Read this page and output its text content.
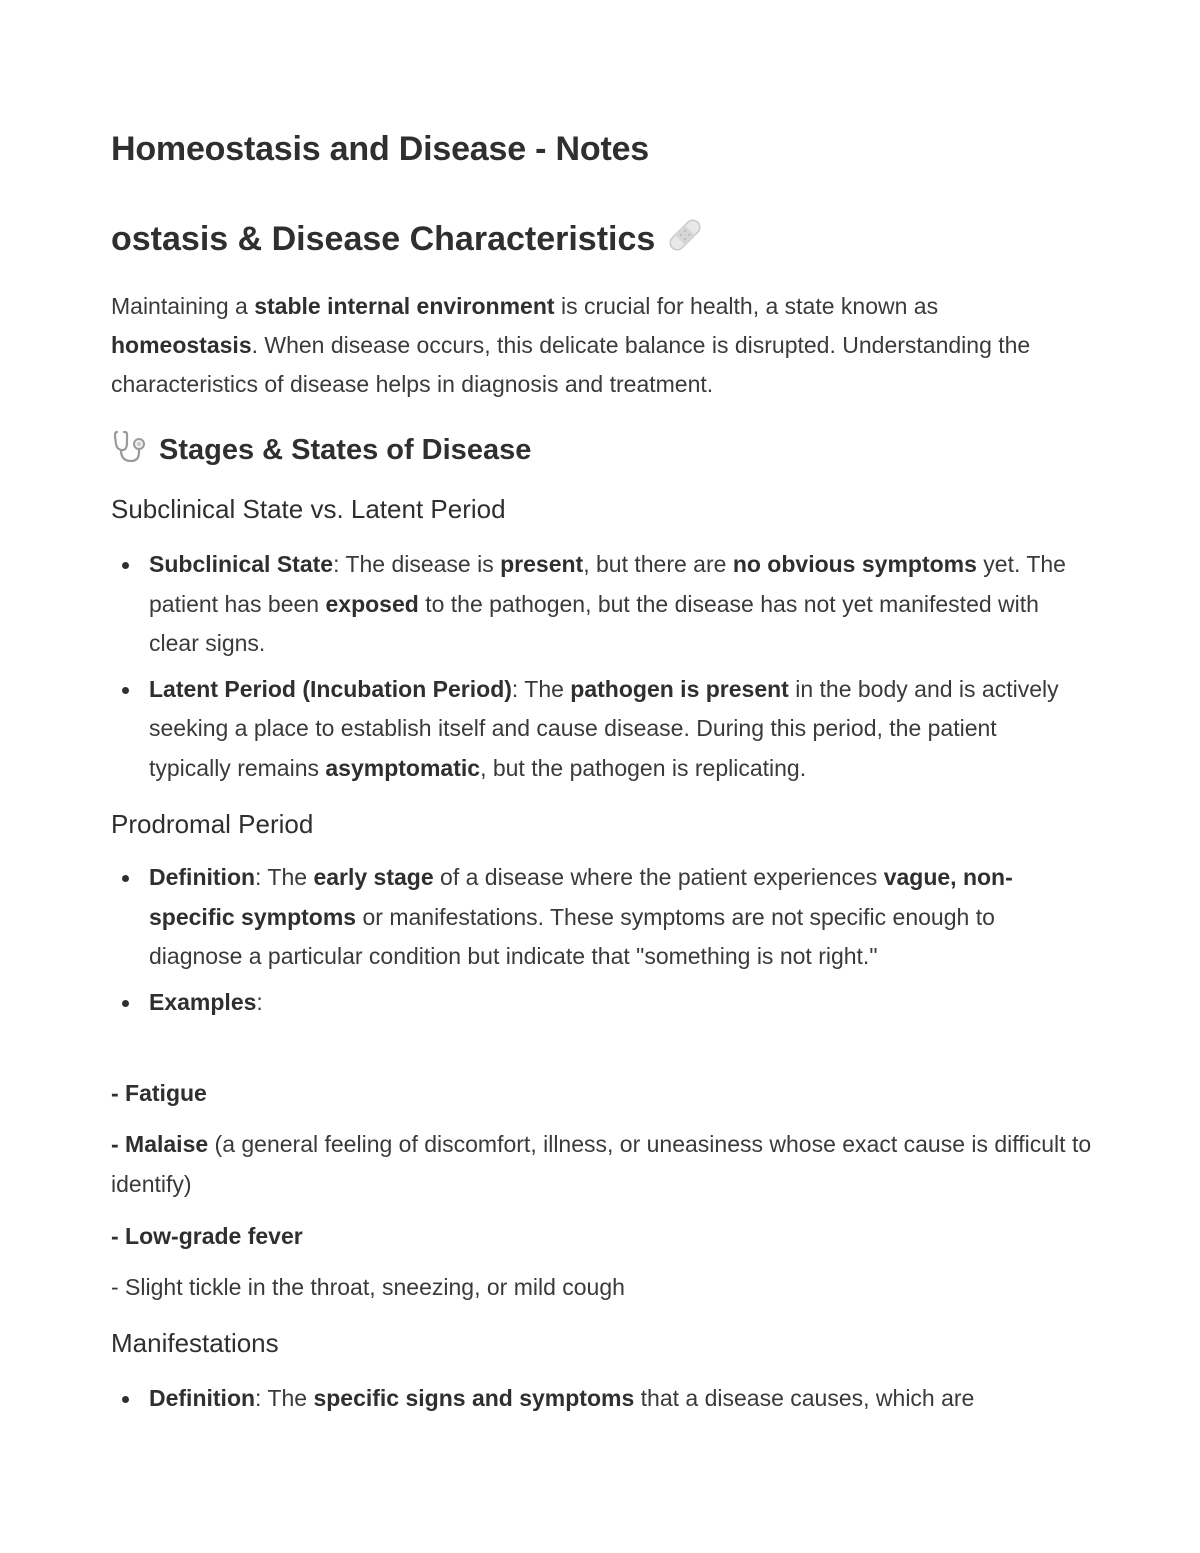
Homeostasis and Disease - Notes
ostasis & Disease Characteristics

Maintaining a stable internal environment is crucial for health, a state known as homeostasis. When disease occurs, this delicate balance is disrupted. Understanding the characteristics of disease helps in diagnosis and treatment.

Stages & States of Disease
Subclinical State vs. Latent Period
Subclinical State: The disease is present, but there are no obvious symptoms yet. The patient has been exposed to the pathogen, but the disease has not yet manifested with clear signs.
Latent Period (Incubation Period): The pathogen is present in the body and is actively seeking a place to establish itself and cause disease. During this period, the patient typically remains asymptomatic, but the pathogen is replicating.
Prodromal Period
Definition: The early stage of a disease where the patient experiences vague, non-specific symptoms or manifestations. These symptoms are not specific enough to diagnose a particular condition but indicate that "something is not right."
Examples:

- Fatigue

- Malaise (a general feeling of discomfort, illness, or uneasiness whose exact cause is difficult to identify)

- Low-grade fever

- Slight tickle in the throat, sneezing, or mild cough

Manifestations
Definition: The specific signs and symptoms that a disease causes, which are
